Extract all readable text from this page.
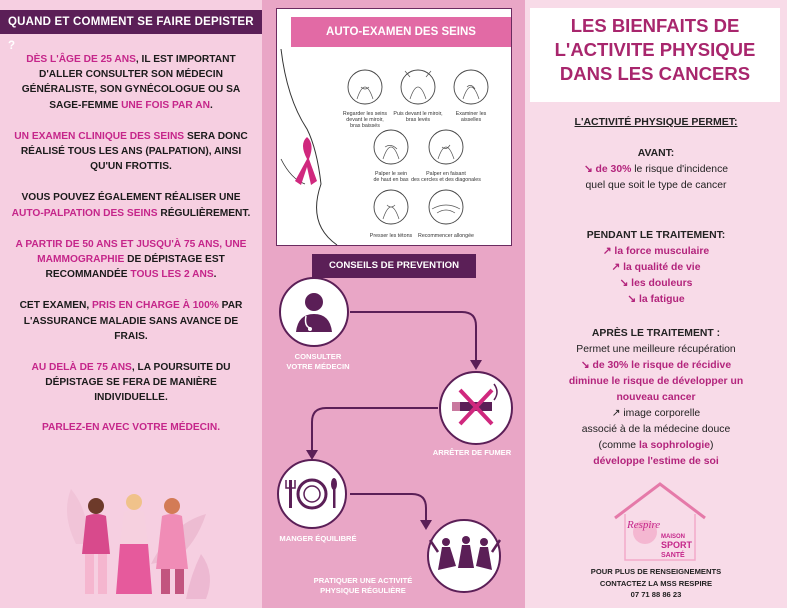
QUAND ET COMMENT SE FAIRE DEPISTER ?

DÈS L'ÂGE DE 25 ANS, IL EST IMPORTANT D'ALLER CONSULTER SON MÉDECIN GÉNÉRALISTE, SON GYNÉCOLOGUE OU SA SAGE-FEMME UNE FOIS PAR AN.

UN EXAMEN CLINIQUE DES SEINS SERA DONC RÉALISÉ TOUS LES ANS (PALPATION), AINSI QU'UN FROTTIS.

VOUS POUVEZ ÉGALEMENT RÉALISER UNE AUTO-PALPATION DES SEINS RÉGULIÈREMENT.

A PARTIR DE 50 ANS ET JUSQU'À 75 ANS, UNE MAMMOGRAPHIE DE DÉPISTAGE EST RECOMMANDÉE TOUS LES 2 ANS.

CET EXAMEN, PRIS EN CHARGE À 100% PAR L'ASSURANCE MALADIE SANS AVANCE DE FRAIS.

AU DELÀ DE 75 ANS, LA POURSUITE DU DÉPISTAGE SE FERA DE MANIÈRE INDIVIDUELLE.

PARLEZ-EN AVEC VOTRE MÉDECIN.

AUTO-EXAMEN DES SEINS
Regarder les seins
devant le miroir,
bras baissés
Puis devant le miroir,
bras levés
Examiner les
aisselles
Palper le sein
de haut en bas
Palper en faisant
des cercles et des diagonales
Presser les tétons Recommencer allongée
CONSEILS DE PREVENTION
CONSULTER
VOTRE MÉDECIN
ARRÊTER DE FUMER
MANGER ÉQUILIBRÉ
PRATIQUER UNE ACTIVITÉ
PHYSIQUE RÉGULIÈRE
LES BIENFAITS DE
L'ACTIVITE PHYSIQUE
DANS LES CANCERS
L'ACTIVITÉ PHYSIQUE PERMET:
AVANT:
↘ de 30% le risque d'incidence
quel que soit le type de cancer
PENDANT LE TRAITEMENT:
↗ la force musculaire
↗ la qualité de vie
↘ les douleurs
↘ la fatigue
APRÈS LE TRAITEMENT :
Permet une meilleure récupération
↘ de 30% le risque de récidive
diminue le risque de développer un
nouveau cancer
↗ image corporelle
associé à de la médecine douce
(comme la sophrologie)
développe l'estime de soi
Respire
MAISON
SPORT
SANTÉ
POUR PLUS DE RENSEIGNEMENTS
CONTACTEZ LA MSS RESPIRE
07 71 88 86 23
